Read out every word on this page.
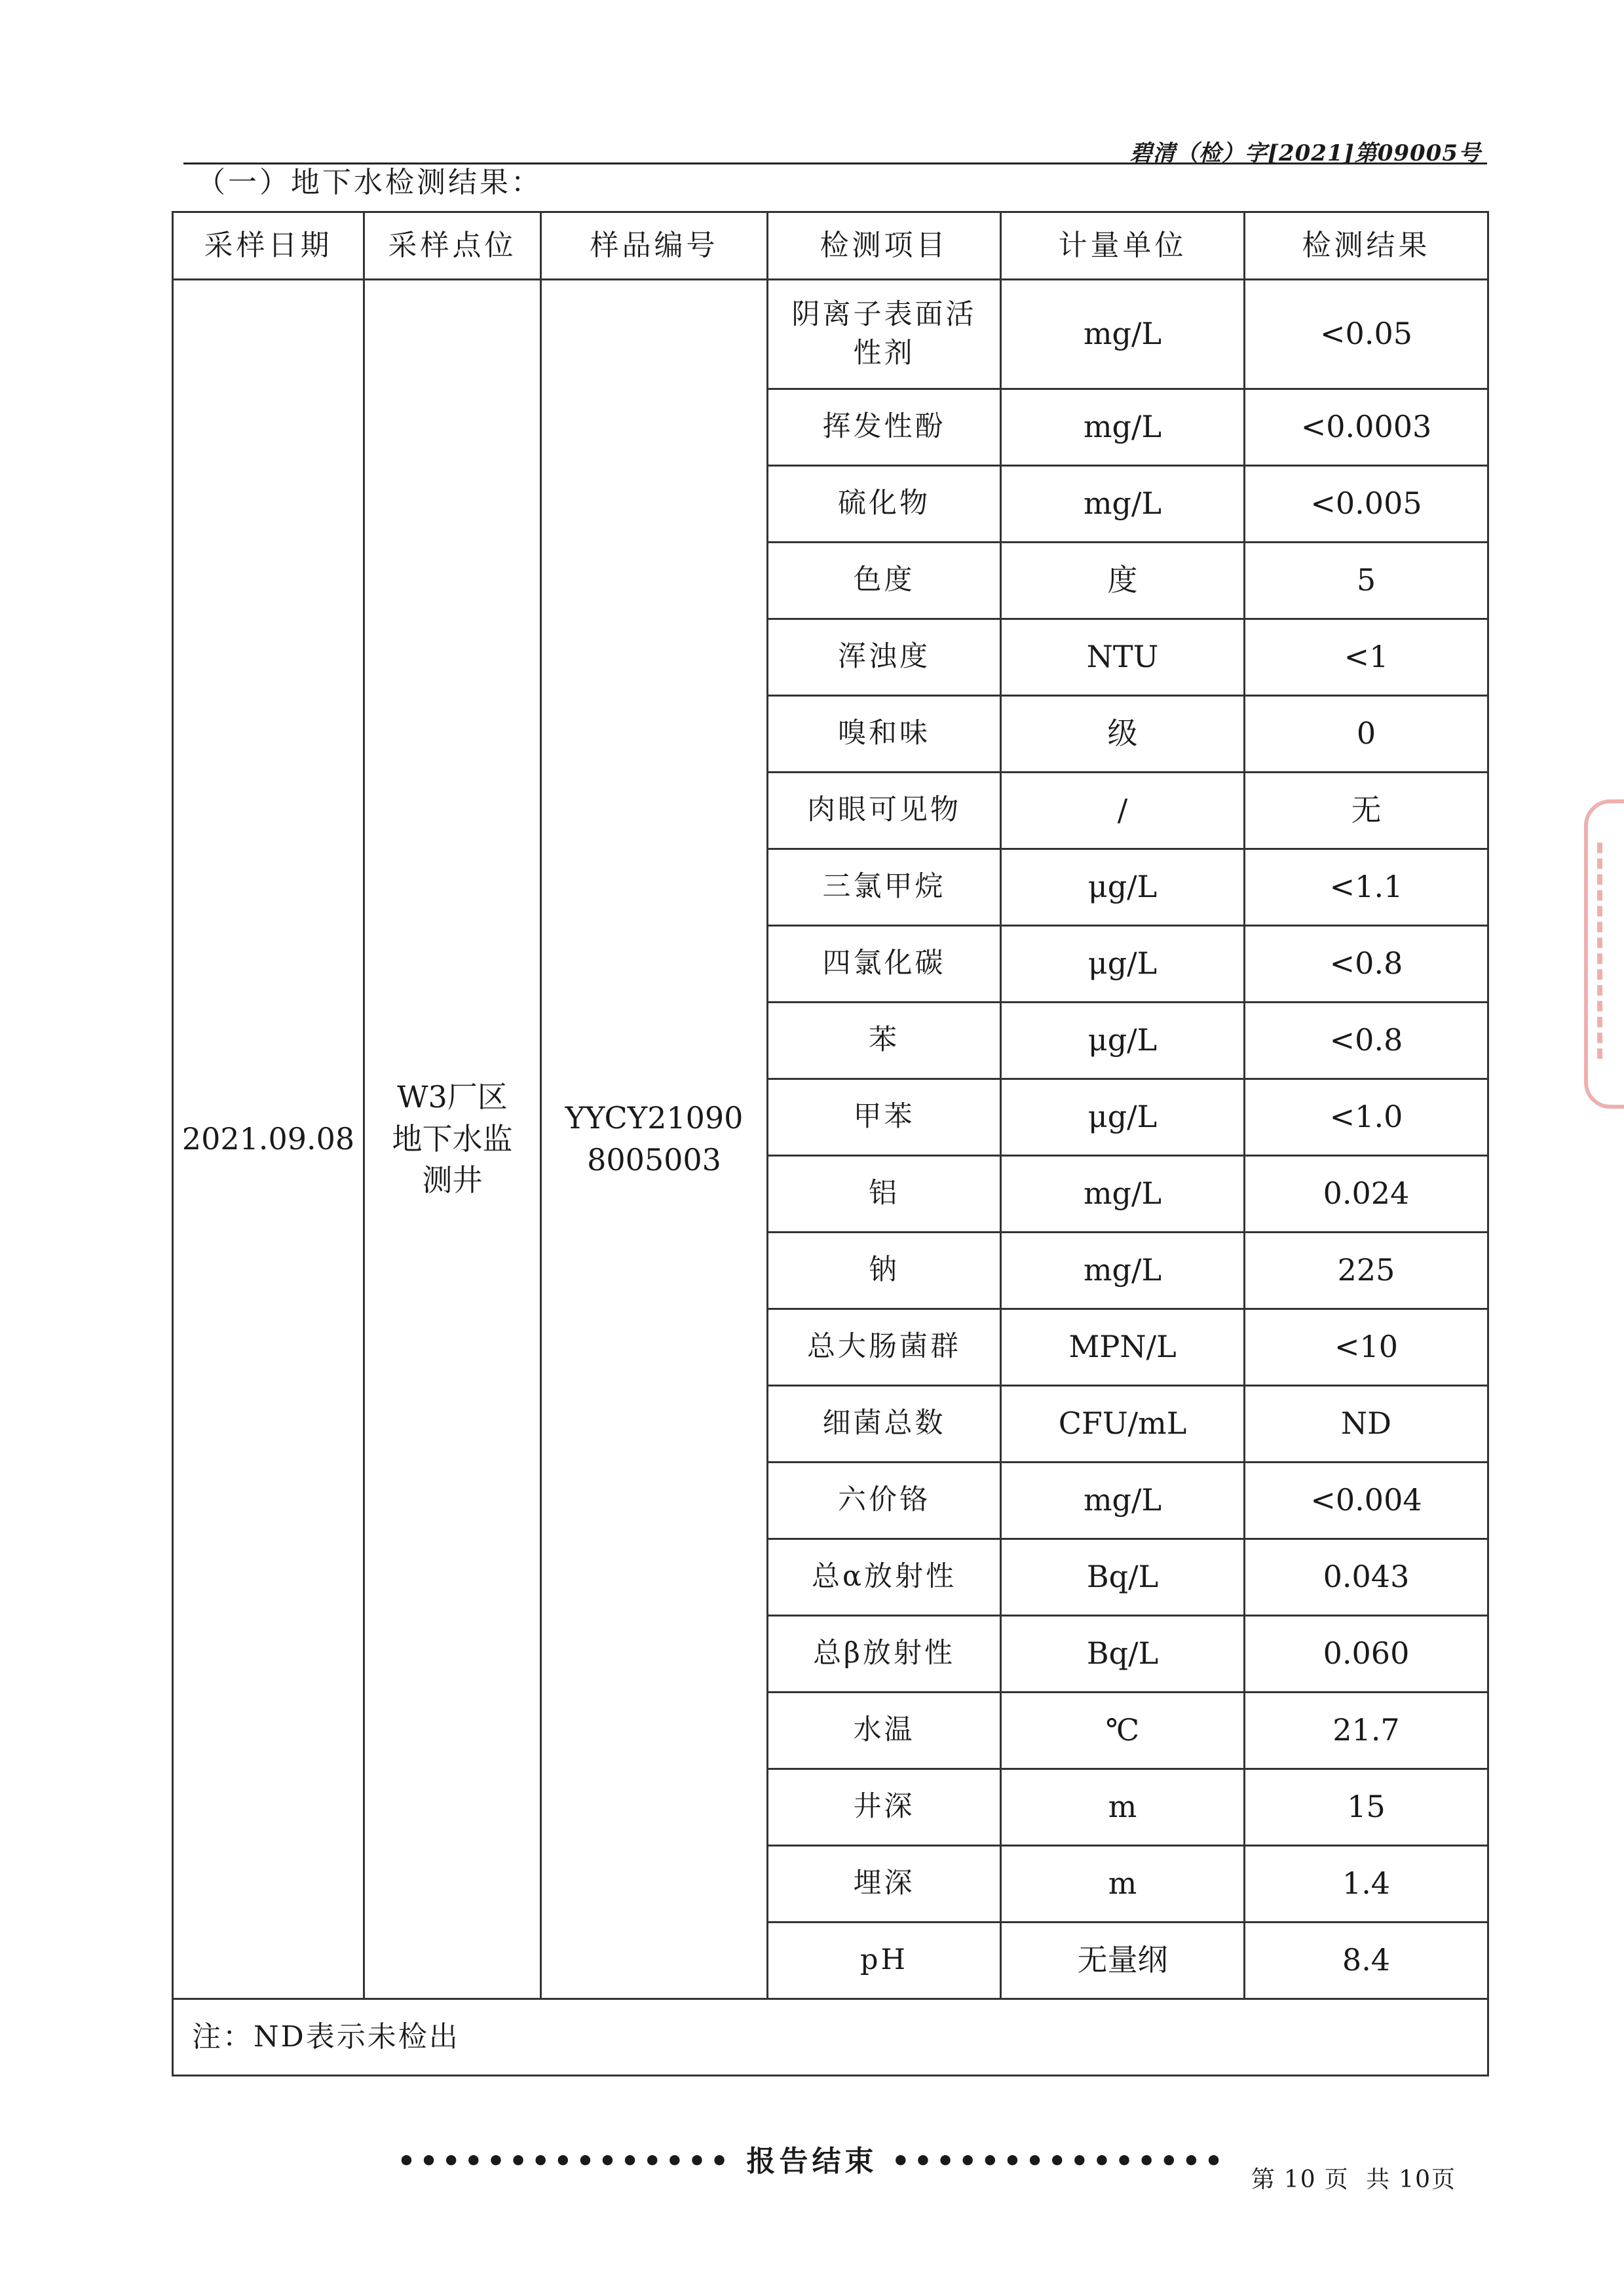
碧清（检）字[2021]第09005号
（一）地下水检测结果：
采样日期	采样点位	样品编号	检测项目	计量单位	检测结果
2021.09.08	W3厂区地下水监测井	YYCY210908005003	阴离子表面活性剂	mg/L	<0.05
			挥发性酚	mg/L	<0.0003
			硫化物	mg/L	<0.005
			色度	度	5
			浑浊度	NTU	<1
			嗅和味	级	0
			肉眼可见物	/	无
			三氯甲烷	μg/L	<1.1
			四氯化碳	μg/L	<0.8
			苯	μg/L	<0.8
			甲苯	μg/L	<1.0
			铝	mg/L	0.024
			钠	mg/L	225
			总大肠菌群	MPN/L	<10
			细菌总数	CFU/mL	ND
			六价铬	mg/L	<0.004
			总α放射性	Bq/L	0.043
			总β放射性	Bq/L	0.060
			水温	℃	21.7
			井深	m	15
			埋深	m	1.4
			pH	无量纲	8.4
注：ND表示未检出					
••••••••••••••• 报告结束 •••••••••••••••
第 10 页 共 10页
